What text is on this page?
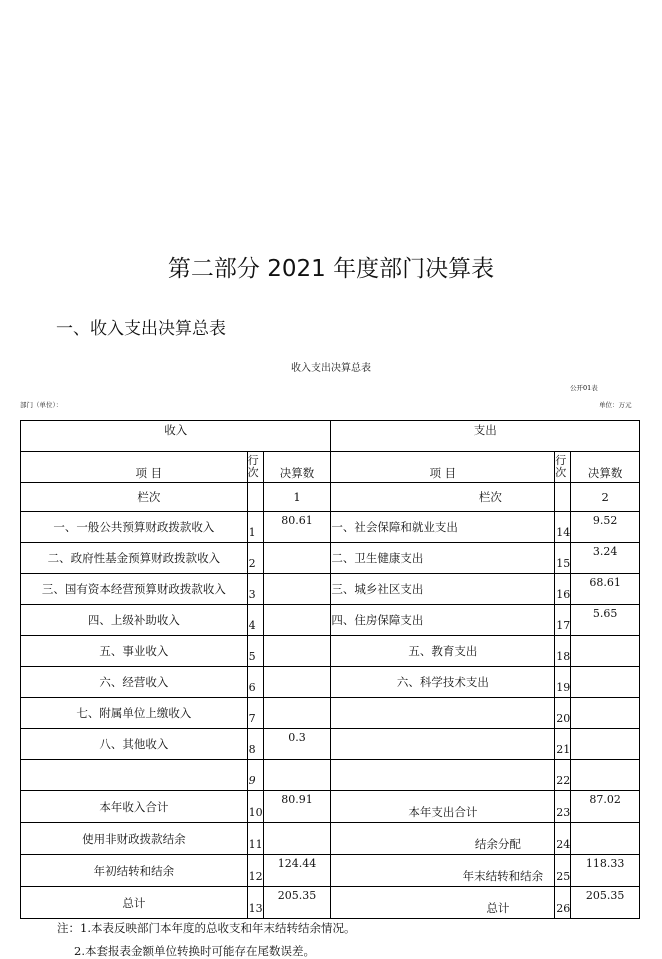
第二部分 2021 年度部门决算表
一、收入支出决算总表
收入支出决算总表
公开01表
部门（单位）：	单位：万元
收入			支出		
项 目	行次	决算数	项 目	行次	决算数
栏次		1	栏次		2
一、一般公共预算财政拨款收入	1	80.61	一、社会保障和就业支出	14	9.52
二、政府性基金预算财政拨款收入	2		二、卫生健康支出	15	3.24
三、国有资本经营预算财政拨款收入	3		三、城乡社区支出	16	68.61
四、上级补助收入	4		四、住房保障支出	17	5.65
五、事业收入	5		五、教育支出	18	
六、经营收入	6		六、科学技术支出	19	
七、附属单位上缴收入	7			20	
八、其他收入	8	0.3		21	
	9			22	
本年收入合计	10	80.91	本年支出合计	23	87.02
使用非财政拨款结余	11		结余分配	24	
年初结转和结余	12	124.44	年末结转和结余	25	118.33
总计	13	205.35	总计	26	205.35
注：1.本表反映部门本年度的总收支和年末结转结余情况。
2.本套报表金额单位转换时可能存在尾数误差。
